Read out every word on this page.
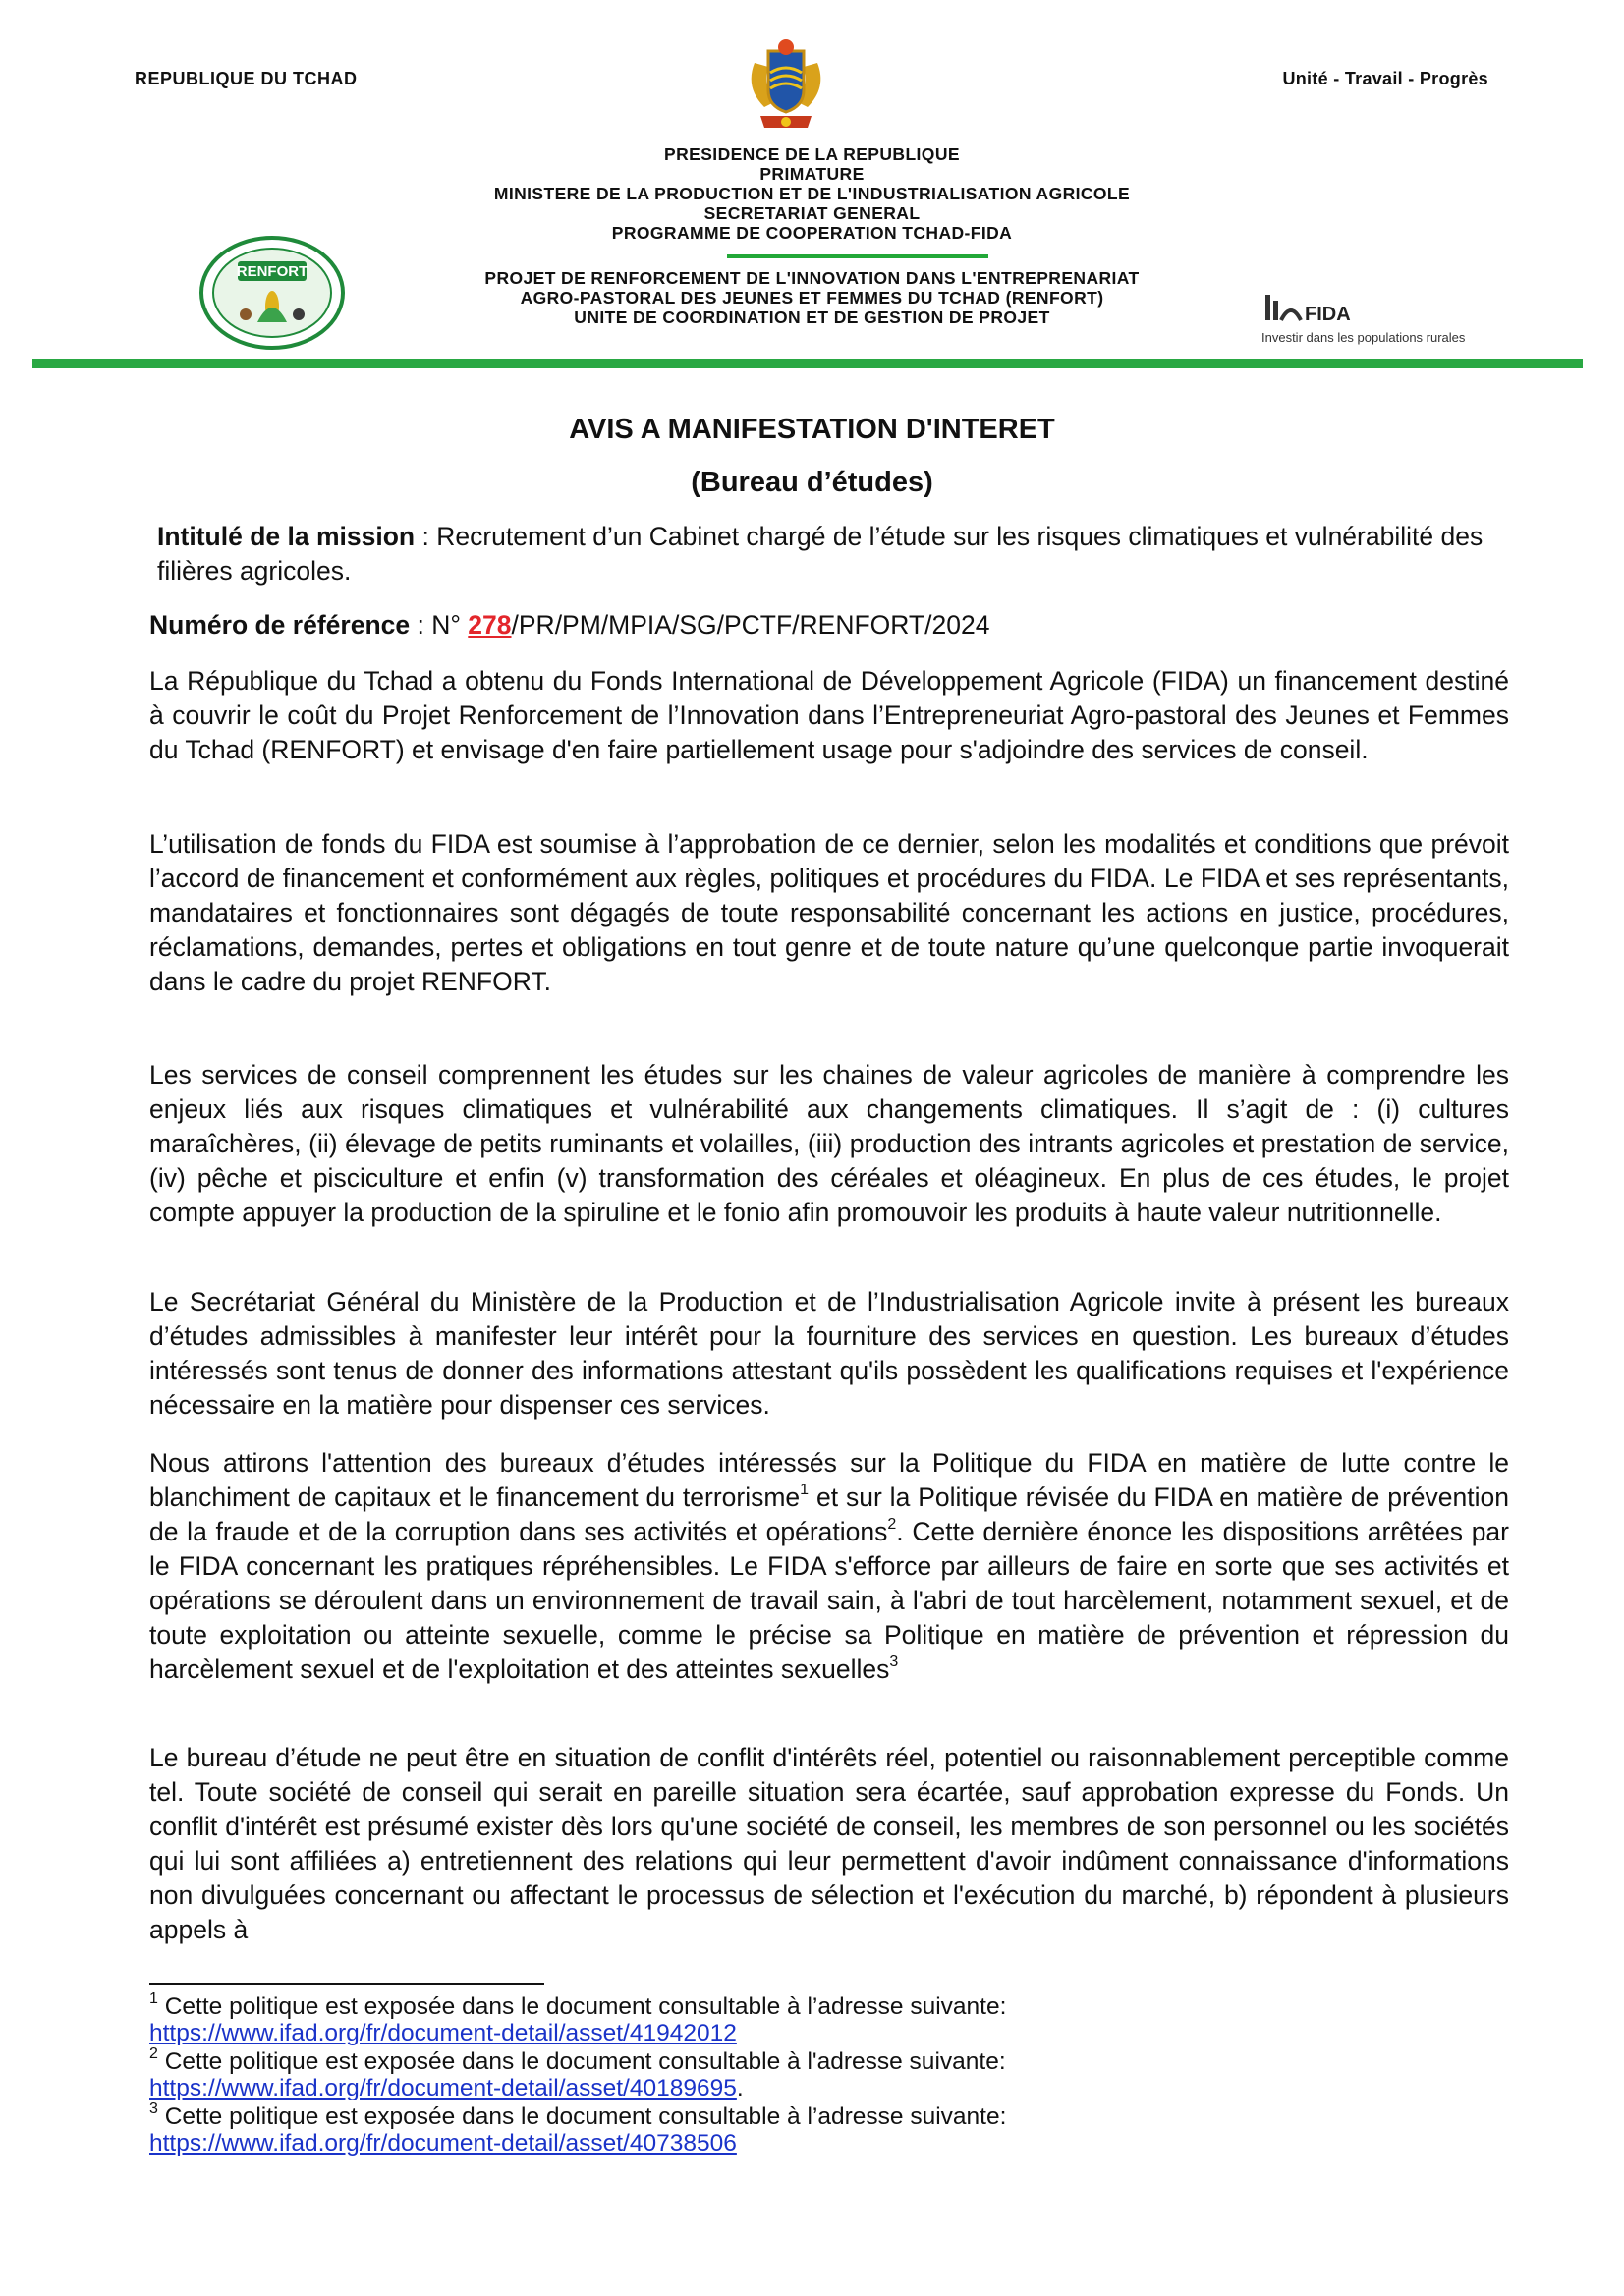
REPUBLIQUE DU TCHAD	Unité - Travail - Progrès
PRESIDENCE DE LA REPUBLIQUE
PRIMATURE
MINISTERE DE LA PRODUCTION ET DE L'INDUSTRIALISATION AGRICOLE
SECRETARIAT GENERAL
PROGRAMME DE COOPERATION TCHAD-FIDA
RENFORT	PROJET DE RENFORCEMENT DE L'INNOVATION DANS L'ENTREPRENARIAT
AGRO-PASTORAL DES JEUNES ET FEMMES DU TCHAD (RENFORT)
UNITE DE COORDINATION ET DE GESTION DE PROJET	FIDA
Investir dans les populations rurales
AVIS A MANIFESTATION D'INTERET
(Bureau d’études)
Intitulé de la mission : Recrutement d’un Cabinet chargé de l’étude sur les risques climatiques et vulnérabilité des filières agricoles.
Numéro de référence : N° 278/PR/PM/MPIA/SG/PCTF/RENFORT/2024
La République du Tchad a obtenu du Fonds International de Développement Agricole (FIDA) un financement destiné à couvrir le coût du Projet Renforcement de l’Innovation dans l’Entrepreneuriat Agro-pastoral des Jeunes et Femmes du Tchad (RENFORT) et envisage d'en faire partiellement usage pour s'adjoindre des services de conseil.
L’utilisation de fonds du FIDA est soumise à l’approbation de ce dernier, selon les modalités et conditions que prévoit l’accord de financement et conformément aux règles, politiques et procédures du FIDA. Le FIDA et ses représentants, mandataires et fonctionnaires sont dégagés de toute responsabilité concernant les actions en justice, procédures, réclamations, demandes, pertes et obligations en tout genre et de toute nature qu’une quelconque partie invoquerait dans le cadre du projet RENFORT.
Les services de conseil comprennent les études sur les chaines de valeur agricoles de manière à comprendre les enjeux liés aux risques climatiques et vulnérabilité aux changements climatiques. Il s’agit de : (i) cultures maraîchères, (ii) élevage de petits ruminants et volailles, (iii) production des intrants agricoles et prestation de service, (iv) pêche et pisciculture et enfin (v) transformation des céréales et oléagineux. En plus de ces études, le projet compte appuyer la production de la spiruline et le fonio afin promouvoir les produits à haute valeur nutritionnelle.
Le Secrétariat Général du Ministère de la Production et de l’Industrialisation Agricole invite à présent les bureaux d’études admissibles à manifester leur intérêt pour la fourniture des services en question. Les bureaux d’études intéressés sont tenus de donner des informations attestant qu'ils possèdent les qualifications requises et l'expérience nécessaire en la matière pour dispenser ces services.
Nous attirons l'attention des bureaux d’études intéressés sur la Politique du FIDA en matière de lutte contre le blanchiment de capitaux et le financement du terrorisme$^1$ et sur la Politique révisée du FIDA en matière de prévention de la fraude et de la corruption dans ses activités et opérations$^2$. Cette dernière énonce les dispositions arrêtées par le FIDA concernant les pratiques répréhensibles. Le FIDA s'efforce par ailleurs de faire en sorte que ses activités et opérations se déroulent dans un environnement de travail sain, à l'abri de tout harcèlement, notamment sexuel, et de toute exploitation ou atteinte sexuelle, comme le précise sa Politique en matière de prévention et répression du harcèlement sexuel et de l'exploitation et des atteintes sexuelles$^3$
Le bureau d’étude ne peut être en situation de conflit d'intérêts réel, potentiel ou raisonnablement perceptible comme tel. Toute société de conseil qui serait en pareille situation sera écartée, sauf approbation expresse du Fonds. Un conflit d'intérêt est présumé exister dès lors qu'une société de conseil, les membres de son personnel ou les sociétés qui lui sont affiliées a) entretiennent des relations qui leur permettent d'avoir indûment connaissance d'informations non divulguées concernant ou affectant le processus de sélection et l'exécution du marché, b) répondent à plusieurs appels à
$^1$ Cette politique est exposée dans le document consultable à l’adresse suivante:
https://www.ifad.org/fr/document-detail/asset/41942012
$^2$ Cette politique est exposée dans le document consultable à l'adresse suivante:
https://www.ifad.org/fr/document-detail/asset/40189695.
$^3$ Cette politique est exposée dans le document consultable à l’adresse suivante:
https://www.ifad.org/fr/document-detail/asset/40738506
